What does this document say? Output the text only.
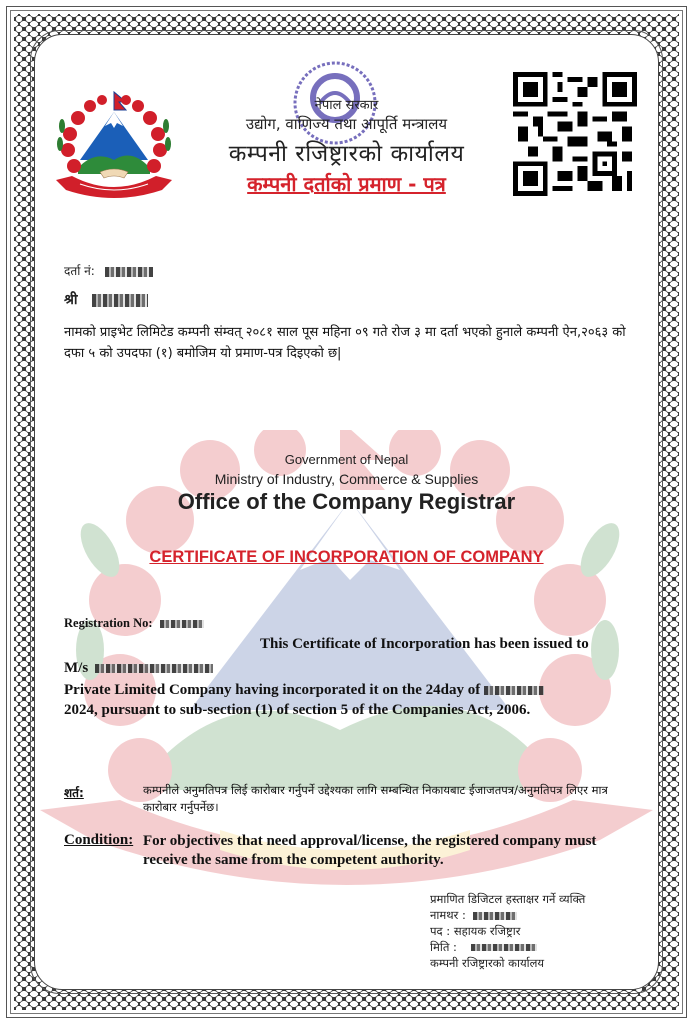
नेपाल सरकार
उद्योग, वाणिज्य तथा आपूर्ति मन्त्रालय
कम्पनी रजिष्ट्रारको कार्यालय
कम्पनी दर्ताको प्रमाण - पत्र
दर्ता नं:
श्री
नामको प्राइभेट लिमिटेड कम्पनी संम्वत् २०८१ साल पूस महिना ०९ गते रोज ३ मा दर्ता भएको हुनाले कम्पनी ऐन,२०६३ को दफा ५ को उपदफा (१) बमोजिम यो प्रमाण-पत्र दिइएको छ|
Government of Nepal
Ministry of Industry, Commerce & Supplies
Office of the Company Registrar
CERTIFICATE OF INCORPORATION OF COMPANY
Registration No:
This Certificate of Incorporation has been issued to
M/s
Private Limited Company having incorporated it on the 24day of
2024, pursuant to sub-section (1) of section 5 of the Companies Act, 2006.
शर्त:	कम्पनीले अनुमतिपत्र लिई कारोबार गर्नुपर्ने उद्देश्यका लागि सम्बन्धित निकायबाट ईजाजतपत्र/अनुमतिपत्र लिएर मात्र कारोबार गर्नुपर्नेछ।
Condition: For objectives that need approval/license, the registered company must receive the same from the competent authority.
प्रमाणित डिजिटल हस्ताक्षर गर्ने व्यक्ति
नामथर :
पद : सहायक रजिष्ट्रार
मिति :
कम्पनी रजिष्ट्रारको कार्यालय
